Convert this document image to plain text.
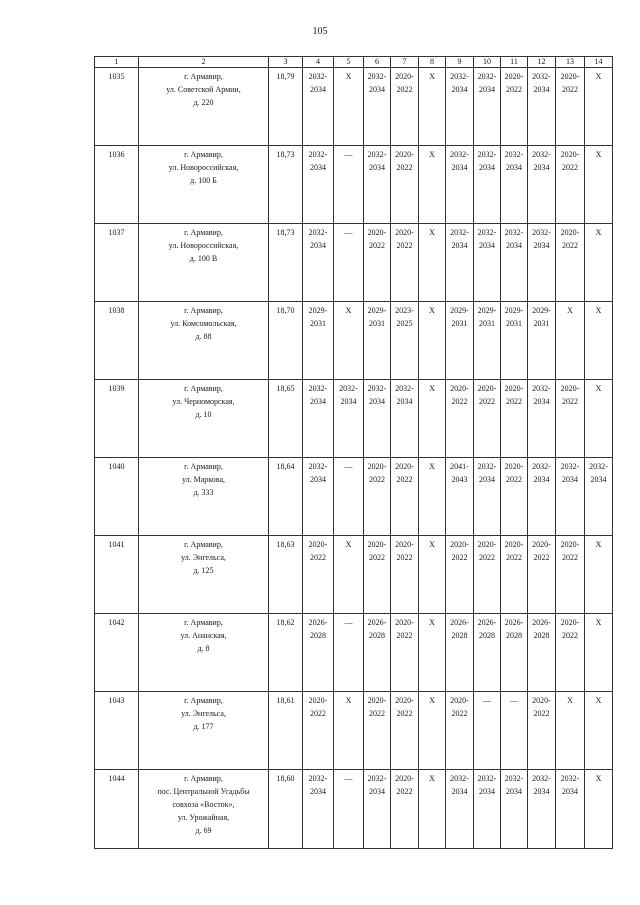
105
1	2	3	4	5	6	7	8	9	10	11	12	13	14
1035	г. Армавир,
ул. Советской Армии,
д. 220	18,79	2032-
2034	X	2032-
2034	2020-
2022	X	2032-
2034	2032-
2034	2020-
2022	2032-
2034	2020-
2022	X
1036	г. Армавир,
ул. Новороссийская,
д. 100 Б	18,73	2032-
2034	—	2032-
2034	2020-
2022	X	2032-
2034	2032-
2034	2032-
2034	2032-
2034	2020-
2022	X
1037	г. Армавир,
ул. Новороссийская,
д. 100 В	18,73	2032-
2034	—	2020-
2022	2020-
2022	X	2032-
2034	2032-
2034	2032-
2034	2032-
2034	2020-
2022	X
1038	г. Армавир,
ул. Комсомольская,
д. 88	18,70	2029-
2031	X	2029-
2031	2023-
2025	X	2029-
2031	2029-
2031	2029-
2031	2029-
2031	X	X
1039	г. Армавир,
ул. Черноморская,
д. 10	18,65	2032-
2034	2032-
2034	2032-
2034	2032-
2034	X	2020-
2022	2020-
2022	2020-
2022	2032-
2034	2020-
2022	X
1040	г. Армавир,
ул. Маркова,
д. 333	18,64	2032-
2034	—	2020-
2022	2020-
2022	X	2041-
2043	2032-
2034	2020-
2022	2032-
2034	2032-
2034	2032-
2034
1041	г. Армавир,
ул. Энгельса,
д. 125	18,63	2020-
2022	X	2020-
2022	2020-
2022	X	2020-
2022	2020-
2022	2020-
2022	2020-
2022	2020-
2022	X
1042	г. Армавир,
ул. Ананская,
д. 8	18,62	2026-
2028	—	2026-
2028	2020-
2022	X	2026-
2028	2026-
2028	2026-
2028	2026-
2028	2020-
2022	X
1043	г. Армавир,
ул. Энгельса,
д. 177	18,61	2020-
2022	X	2020-
2022	2020-
2022	X	2020-
2022	—	—	2020-
2022	X	X
1044	г. Армавир,
пос. Центральной Усадьбы
совхоза «Восток»,
ул. Урожайная,
д. 69	18,60	2032-
2034	—	2032-
2034	2020-
2022	X	2032-
2034	2032-
2034	2032-
2034	2032-
2034	2032-
2034	X
